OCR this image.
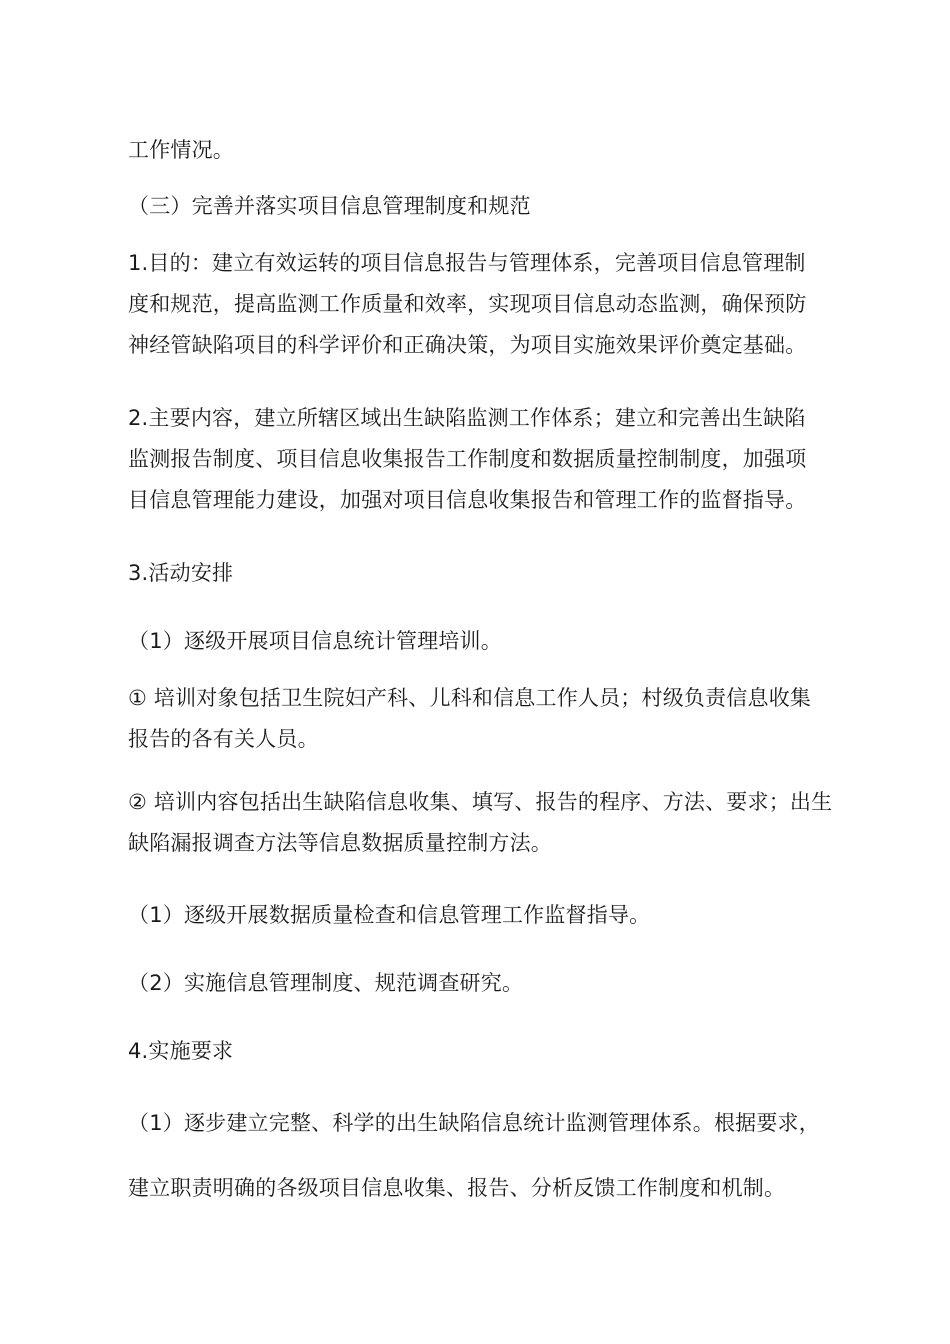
工作情况。

（三）完善并落实项目信息管理制度和规范

1.目的：建立有效运转的项目信息报告与管理体系，完善项目信息管理制
度和规范，提高监测工作质量和效率，实现项目信息动态监测，确保预防
神经管缺陷项目的科学评价和正确决策，为项目实施效果评价奠定基础。

2.主要内容，建立所辖区域出生缺陷监测工作体系；建立和完善出生缺陷
监测报告制度、项目信息收集报告工作制度和数据质量控制制度，加强项
目信息管理能力建设，加强对项目信息收集报告和管理工作的监督指导。

3.活动安排

（1）逐级开展项目信息统计管理培训。

① 培训对象包括卫生院妇产科、儿科和信息工作人员；村级负责信息收集
报告的各有关人员。

② 培训内容包括出生缺陷信息收集、填写、报告的程序、方法、要求；出生
缺陷漏报调查方法等信息数据质量控制方法。

（1）逐级开展数据质量检查和信息管理工作监督指导。

（2）实施信息管理制度、规范调查研究。

4.实施要求

（1）逐步建立完整、科学的出生缺陷信息统计监测管理体系。根据要求，
建立职责明确的各级项目信息收集、报告、分析反馈工作制度和机制。
